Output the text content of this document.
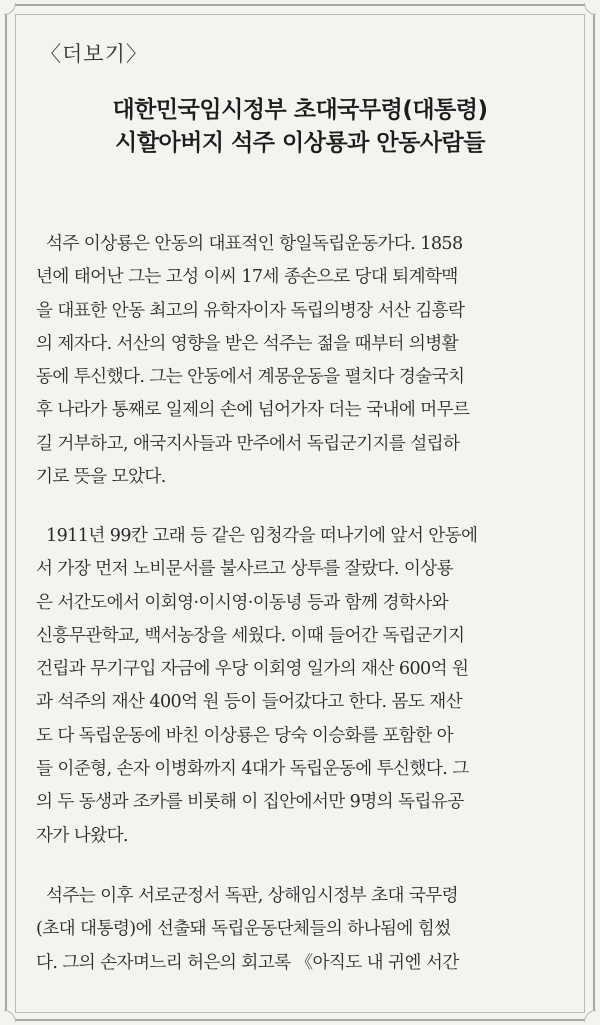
〈더보기〉
대한민국임시정부 초대국무령(대통령)
시할아버지 석주 이상룡과 안동사람들
석주 이상룡은 안동의 대표적인 항일독립운동가다. 1858
년에 태어난 그는 고성 이씨 17세 종손으로 당대 퇴계학맥
을 대표한 안동 최고의 유학자이자 독립의병장 서산 김흥락
의 제자다. 서산의 영향을 받은 석주는 젊을 때부터 의병활
동에 투신했다. 그는 안동에서 계몽운동을 펼치다 경술국치
후 나라가 통째로 일제의 손에 넘어가자 더는 국내에 머무르
길 거부하고, 애국지사들과 만주에서 독립군기지를 설립하
기로 뜻을 모았다.
1911년 99칸 고래 등 같은 임청각을 떠나기에 앞서 안동에
서 가장 먼저 노비문서를 불사르고 상투를 잘랐다. 이상룡
은 서간도에서 이회영·이시영·이동녕 등과 함께 경학사와
신흥무관학교, 백서농장을 세웠다. 이때 들어간 독립군기지
건립과 무기구입 자금에 우당 이회영 일가의 재산 600억 원
과 석주의 재산 400억 원 등이 들어갔다고 한다. 몸도 재산
도 다 독립운동에 바친 이상룡은 당숙 이승화를 포함한 아
들 이준형, 손자 이병화까지 4대가 독립운동에 투신했다. 그
의 두 동생과 조카를 비롯해 이 집안에서만 9명의 독립유공
자가 나왔다.
석주는 이후 서로군정서 독판, 상해임시정부 초대 국무령
(초대 대통령)에 선출돼 독립운동단체들의 하나됨에 힘썼
다. 그의 손자며느리 허은의 회고록 《아직도 내 귀엔 서간
